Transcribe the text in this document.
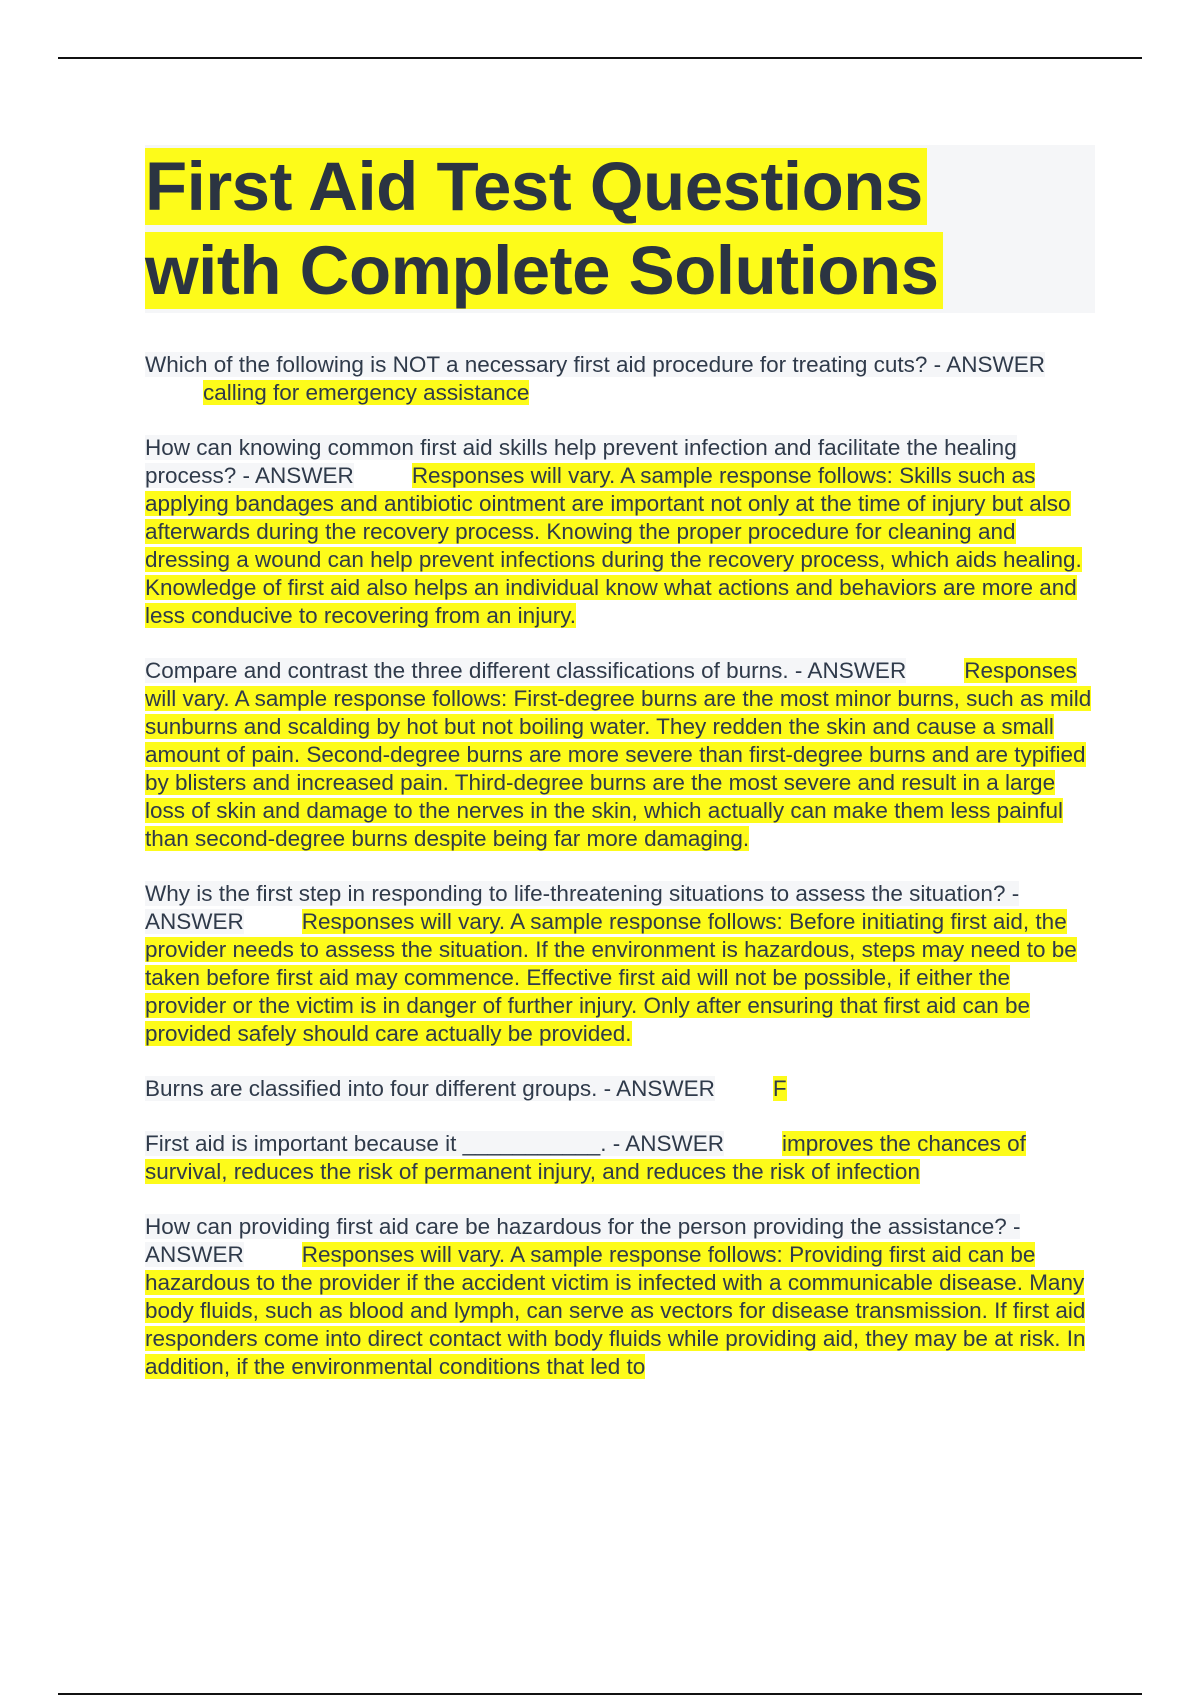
First Aid Test Questions
with Complete Solutions

Which of the following is NOT a necessary first aid procedure for treating cuts? - ANSWERcalling for emergency assistance

How can knowing common first aid skills help prevent infection and facilitate the healing process? - ANSWER	Responses will vary. A sample response follows: Skills such as applying bandages and antibiotic ointment are important not only at the time of injury but also afterwards during the recovery process. Knowing the proper procedure for cleaning and dressing a wound can help prevent infections during the recovery process, which aids healing. Knowledge of first aid also helps an individual know what actions and behaviors are more and less conducive to recovering from an injury.

Compare and contrast the three different classifications of burns. - ANSWER	Responses will vary. A sample response follows: First-degree burns are the most minor burns, such as mild sunburns and scalding by hot but not boiling water. They redden the skin and cause a small amount of pain. Second-degree burns are more severe than first-degree burns and are typified by blisters and increased pain. Third-degree burns are the most severe and result in a large loss of skin and damage to the nerves in the skin, which actually can make them less painful than second-degree burns despite being far more damaging.

Why is the first step in responding to life-threatening situations to assess the situation? - ANSWER	Responses will vary. A sample response follows: Before initiating first aid, the provider needs to assess the situation. If the environment is hazardous, steps may need to be taken before first aid may commence. Effective first aid will not be possible, if either the provider or the victim is in danger of further injury. Only after ensuring that first aid can be provided safely should care actually be provided.

Burns are classified into four different groups. - ANSWER	F

First aid is important because it ___________. - ANSWER	improves the chances of survival, reduces the risk of permanent injury, and reduces the risk of infection

How can providing first aid care be hazardous for the person providing the assistance? - ANSWER	Responses will vary. A sample response follows: Providing first aid can be hazardous to the provider if the accident victim is infected with a communicable disease. Many body fluids, such as blood and lymph, can serve as vectors for disease transmission. If first aid responders come into direct contact with body fluids while providing aid, they may be at risk. In addition, if the environmental conditions that led to
